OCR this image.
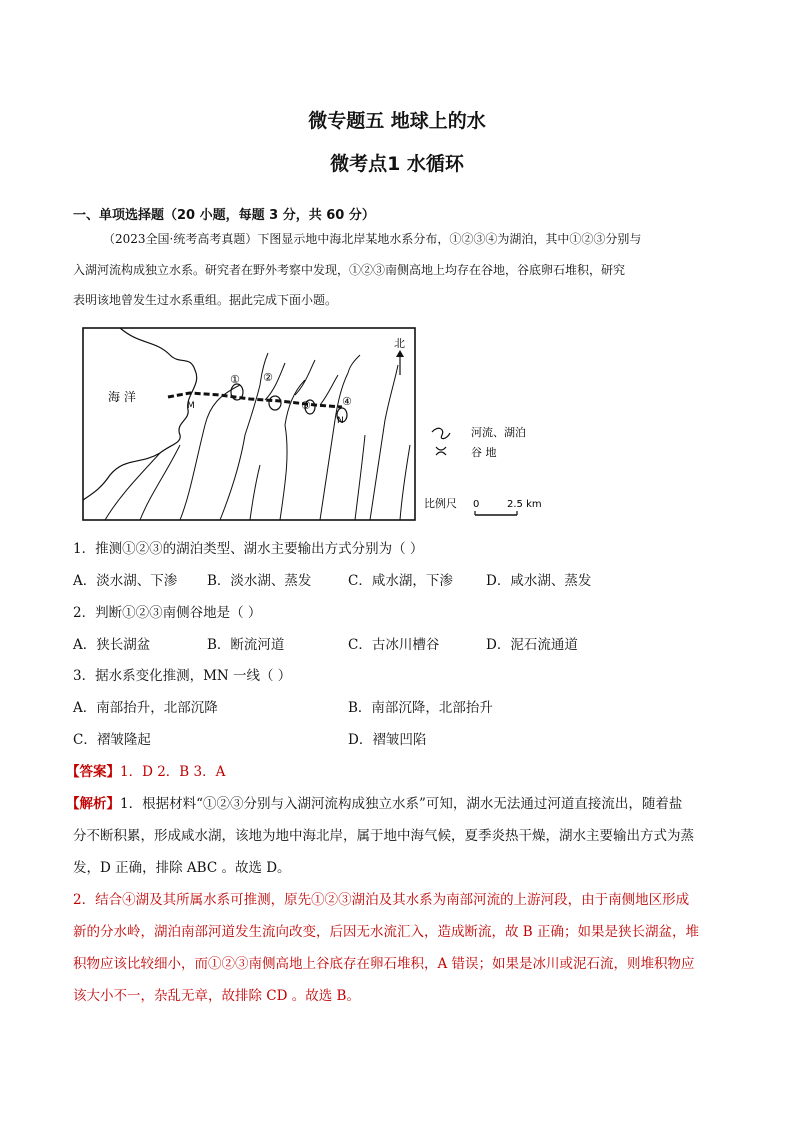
微专题五 地球上的水
微考点1 水循环
一、单项选择题（20 小题，每题 3 分，共 60 分）
（2023全国·统考高考真题）下图显示地中海北岸某地水系分布，①②③④为湖泊，其中①②③分别与
入湖河流构成独立水系。研究者在野外考察中发现，①②③南侧高地上均存在谷地，谷底卵石堆积，研究
表明该地曾发生过水系重组。据此完成下面小题。
海 洋
① ②
③	④
M
N
北
河流、湖泊
谷 地
比例尺 0	2.5 km
1．推测①②③的湖泊类型、湖水主要输出方式分别为（ ）
A．淡水湖、下渗 B．淡水湖、蒸发	C．咸水湖，下渗 D．咸水湖、蒸发
2．判断①②③南侧谷地是（ ）
A．狭长湖盆	B．断流河道	C．古冰川槽谷	D．泥石流通道
3．据水系变化推测，MN 一线（ ）
A．南部抬升，北部沉降	B．南部沉降，北部抬升
C．褶皱隆起	D．褶皱凹陷
【答案】1．D 2．B 3．A
【解析】1．根据材料“①②③分别与入湖河流构成独立水系”可知，湖水无法通过河道直接流出，随着盐
分不断积累，形成咸水湖，该地为地中海北岸，属于地中海气候，夏季炎热干燥，湖水主要输出方式为蒸
发，D 正确，排除 ABC 。故选 D。
2．结合④湖及其所属水系可推测，原先①②③湖泊及其水系为南部河流的上游河段，由于南侧地区形成
新的分水岭，湖泊南部河道发生流向改变，后因无水流汇入，造成断流，故 B 正确；如果是狭长湖盆，堆
积物应该比较细小，而①②③南侧高地上谷底存在卵石堆积，A 错误；如果是冰川或泥石流，则堆积物应
该大小不一，杂乱无章，故排除 CD 。故选 B。
